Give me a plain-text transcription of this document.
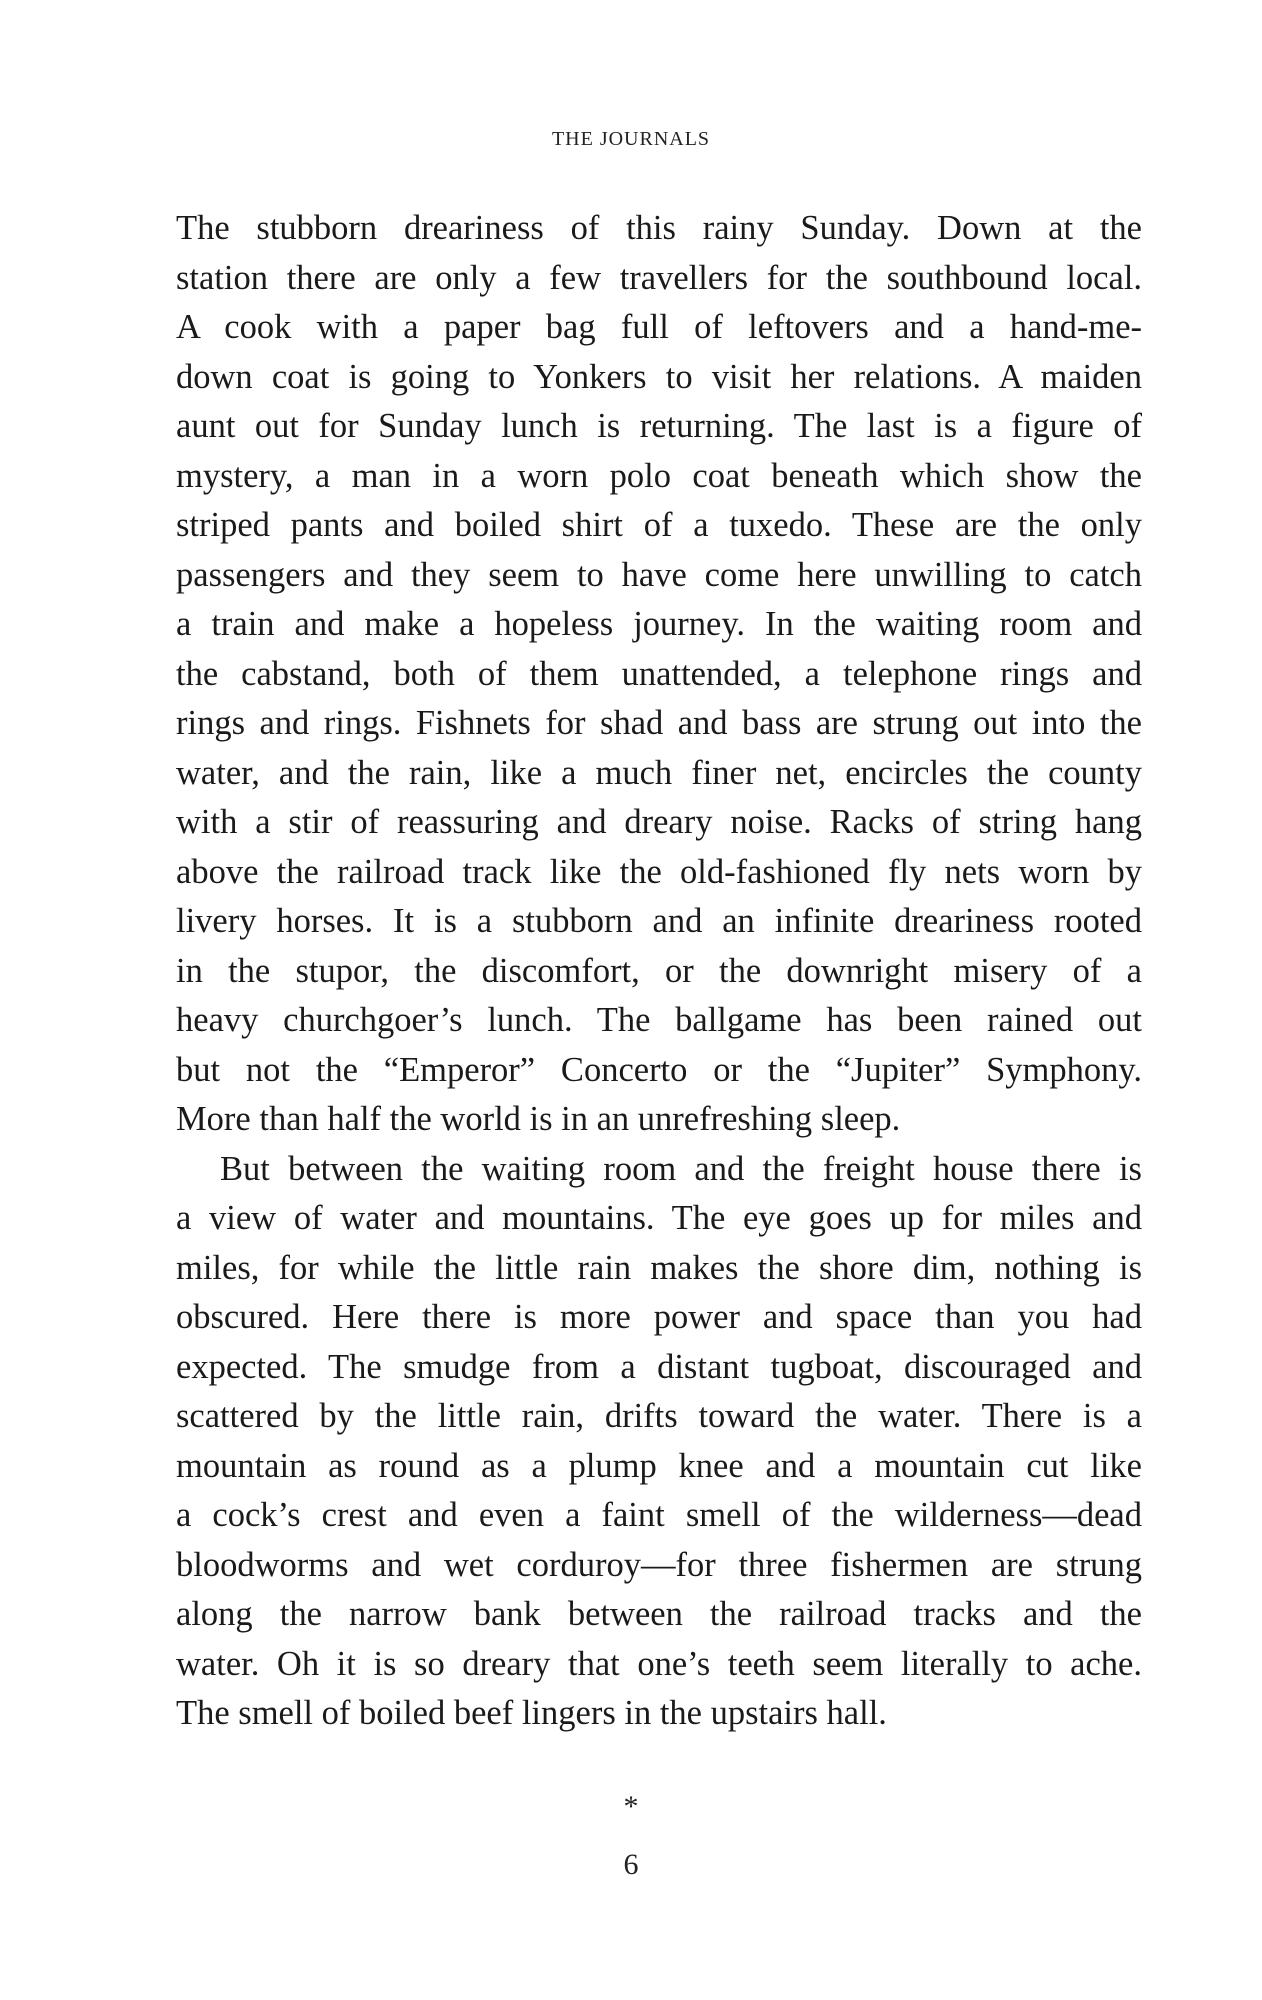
THE JOURNALS
The stubborn dreariness of this rainy Sunday. Down at the
station there are only a few travellers for the southbound local.
A cook with a paper bag full of leftovers and a hand-me-
down coat is going to Yonkers to visit her relations. A maiden
aunt out for Sunday lunch is returning. The last is a figure of
mystery, a man in a worn polo coat beneath which show the
striped pants and boiled shirt of a tuxedo. These are the only
passengers and they seem to have come here unwilling to catch
a train and make a hopeless journey. In the waiting room and
the cabstand, both of them unattended, a telephone rings and
rings and rings. Fishnets for shad and bass are strung out into the
water, and the rain, like a much finer net, encircles the county
with a stir of reassuring and dreary noise. Racks of string hang
above the railroad track like the old-fashioned fly nets worn by
livery horses. It is a stubborn and an infinite dreariness rooted
in the stupor, the discomfort, or the downright misery of a
heavy churchgoer’s lunch. The ballgame has been rained out
but not the “Emperor” Concerto or the “Jupiter” Symphony.
More than half the world is in an unrefreshing sleep.
But between the waiting room and the freight house there is
a view of water and mountains. The eye goes up for miles and
miles, for while the little rain makes the shore dim, nothing is
obscured. Here there is more power and space than you had
expected. The smudge from a distant tugboat, discouraged and
scattered by the little rain, drifts toward the water. There is a
mountain as round as a plump knee and a mountain cut like
a cock’s crest and even a faint smell of the wilderness—dead
bloodworms and wet corduroy—for three fishermen are strung
along the narrow bank between the railroad tracks and the
water. Oh it is so dreary that one’s teeth seem literally to ache.
The smell of boiled beef lingers in the upstairs hall.
*
6
